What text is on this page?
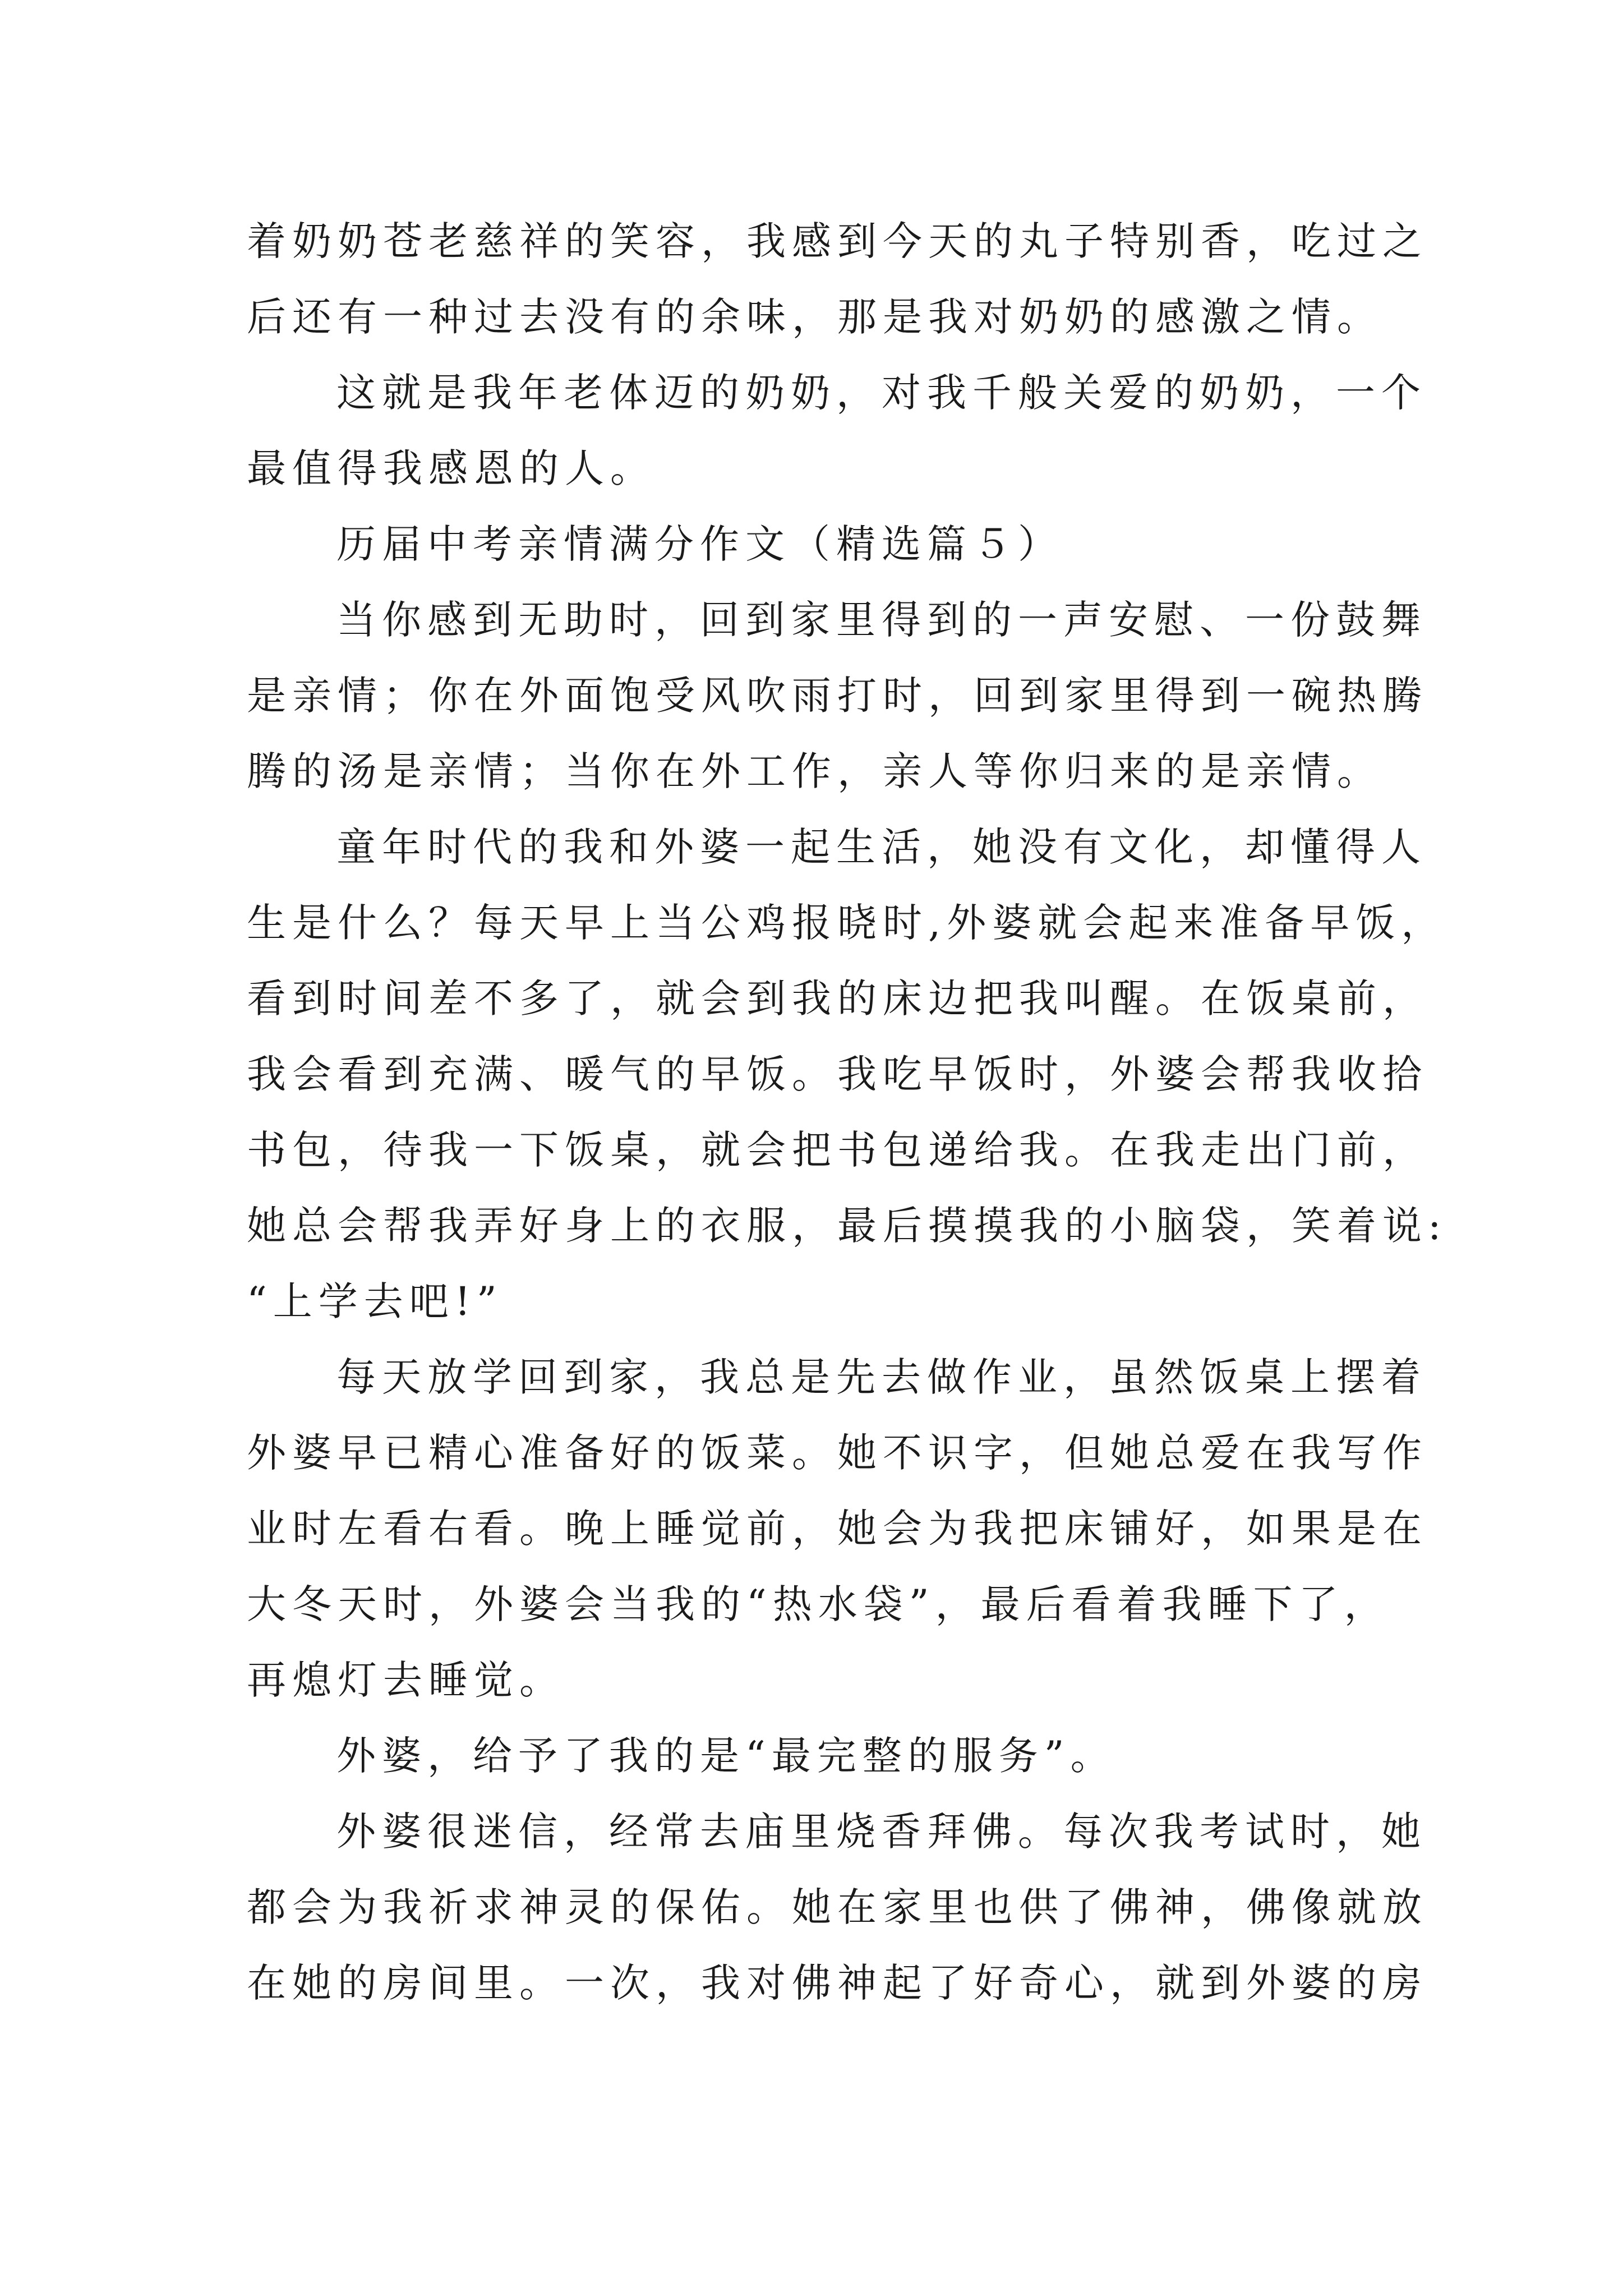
着奶奶苍老慈祥的笑容，我感到今天的丸子特别香，吃过之
后还有一种过去没有的余味，那是我对奶奶的感激之情。
这就是我年老体迈的奶奶，对我千般关爱的奶奶，一个
最值得我感恩的人。
历届中考亲情满分作文（精选篇５）
当你感到无助时，回到家里得到的一声安慰、一份鼓舞
是亲情；你在外面饱受风吹雨打时，回到家里得到一碗热腾
腾的汤是亲情；当你在外工作，亲人等你归来的是亲情。
童年时代的我和外婆一起生活，她没有文化，却懂得人
生是什么？每天早上当公鸡报晓时,外婆就会起来准备早饭，
看到时间差不多了，就会到我的床边把我叫醒。在饭桌前，
我会看到充满、暖气的早饭。我吃早饭时，外婆会帮我收拾
书包，待我一下饭桌，就会把书包递给我。在我走出门前，
她总会帮我弄好身上的衣服，最后摸摸我的小脑袋，笑着说:
“上学去吧!”
每天放学回到家，我总是先去做作业，虽然饭桌上摆着
外婆早已精心准备好的饭菜。她不识字，但她总爱在我写作
业时左看右看。晚上睡觉前，她会为我把床铺好，如果是在
大冬天时，外婆会当我的“热水袋”，最后看着我睡下了，
再熄灯去睡觉。
外婆，给予了我的是“最完整的服务”。
外婆很迷信，经常去庙里烧香拜佛。每次我考试时，她
都会为我祈求神灵的保佑。她在家里也供了佛神，佛像就放
在她的房间里。一次，我对佛神起了好奇心，就到外婆的房
